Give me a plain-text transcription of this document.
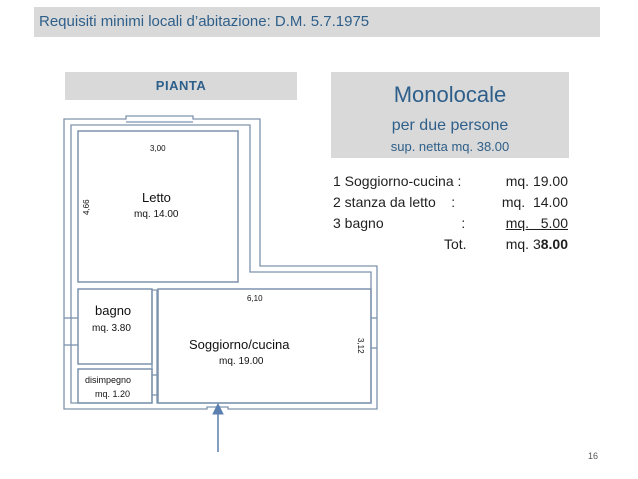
Requisiti minimi locali d’abitazione: D.M. 5.7.1975
PIANTA	Monolocale
per due persone
sup. netta mq. 38.00
1 Soggiorno-cucina :	mq. 19.00
2 stanza da letto    :	mq.  14.00
3 bagno                    :	mq.   5.00
Tot.	mq. 38.00
3,00
4,66
Letto
mq. 14.00
bagno
mq. 3.80
disimpegno
mq. 1.20
6,10
3,12
Soggiorno/cucina
mq. 19.00
16
